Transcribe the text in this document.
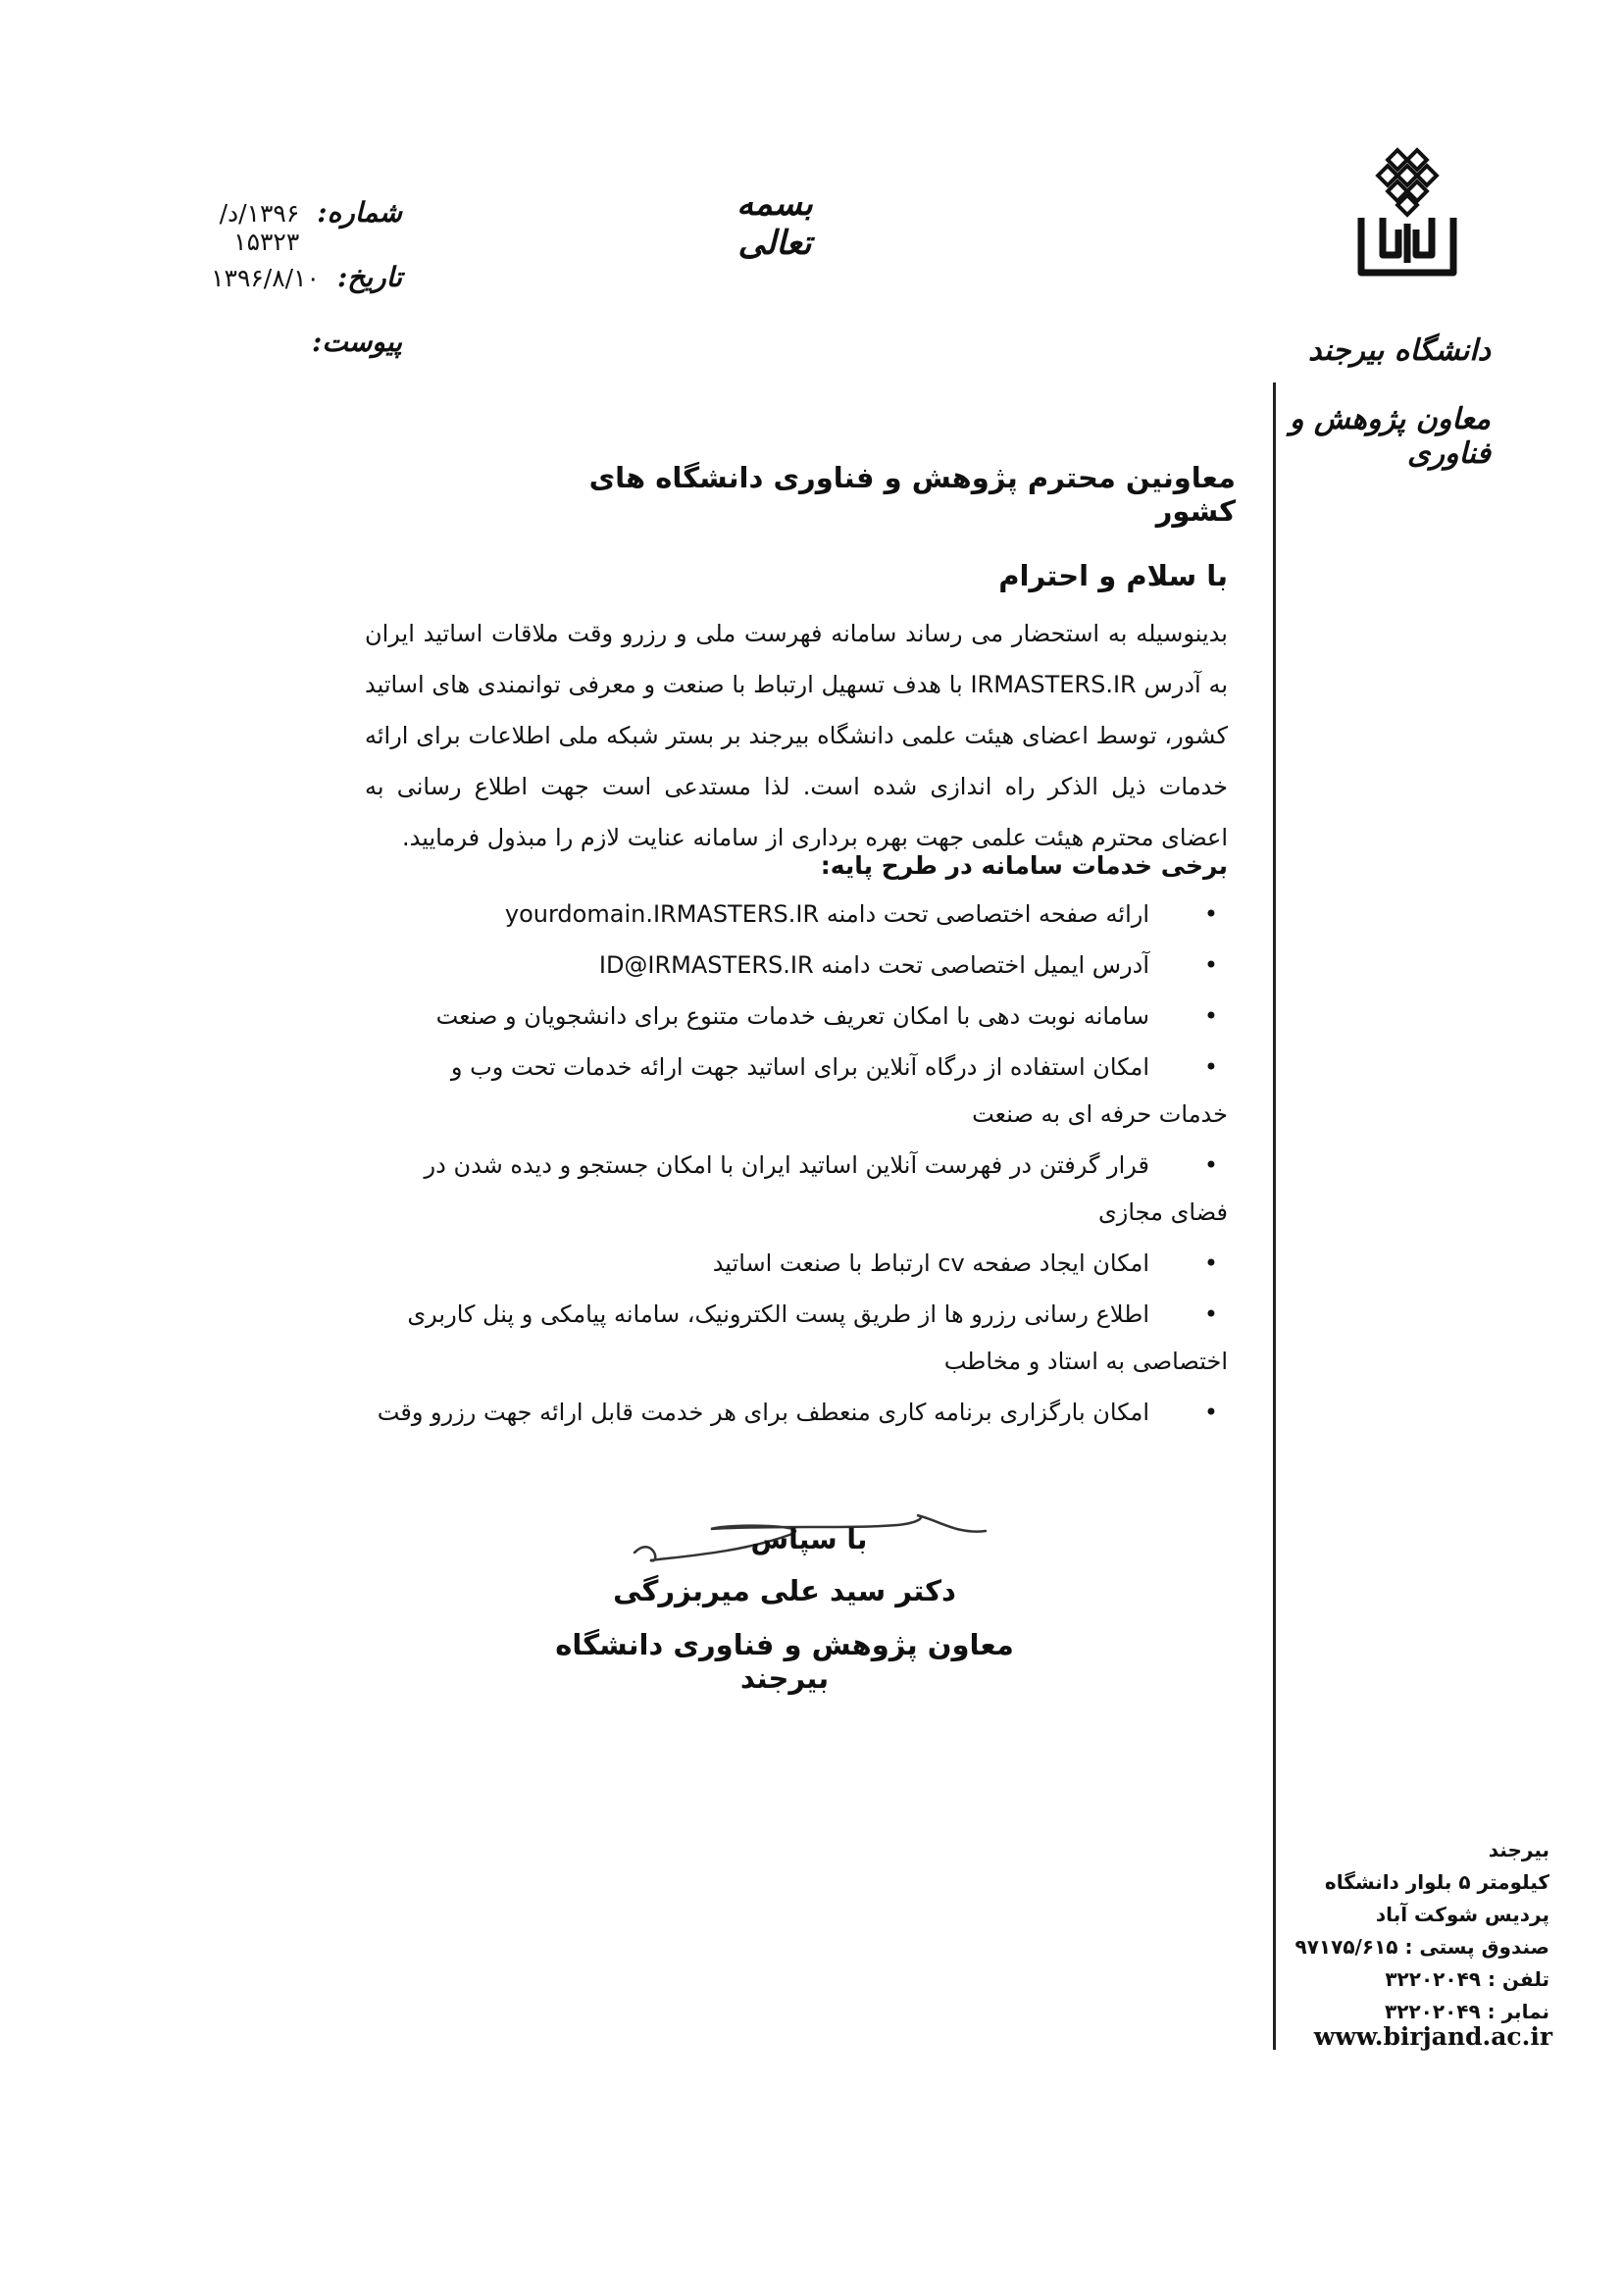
شماره:
۱۳۹۶/د/۱۵۳۲۳
تاریخ:
۱۳۹۶/۸/۱۰
پیوست:
بسمه تعالی
دانشگاه بیرجند
معاون پژوهش و فناوری
معاونین محترم پژوهش و فناوری دانشگاه های کشور
با سلام و احترام
بدینوسیله به استحضار می رساند سامانه فهرست ملی و رزرو وقت ملاقات اساتید ایران به آدرس IRMASTERS.IR با هدف تسهیل ارتباط با صنعت و معرفی توانمندی های اساتید کشور، توسط اعضای هیئت علمی دانشگاه بیرجند بر بستر شبکه ملی اطلاعات برای ارائه خدمات ذیل الذکر راه اندازی شده است. لذا مستدعی است جهت اطلاع رسانی به اعضای محترم هیئت علمی جهت بهره برداری از سامانه عنایت لازم را مبذول فرمایید.
برخی خدمات سامانه در طرح پایه:
•
ارائه صفحه اختصاصی تحت دامنه yourdomain.IRMASTERS.IR
•
آدرس ایمیل اختصاصی تحت دامنه ID@IRMASTERS.IR
•
سامانه نوبت دهی با امکان تعریف خدمات متنوع برای دانشجویان و صنعت
•
امکان استفاده از درگاه آنلاین برای اساتید جهت ارائه خدمات تحت وب و
خدمات حرفه ای به صنعت
•
قرار گرفتن در فهرست آنلاین اساتید ایران با امکان جستجو و دیده شدن در
فضای مجازی
•
امکان ایجاد صفحه cv ارتباط با صنعت اساتید
•
اطلاع رسانی رزرو ها از طریق پست الکترونیک، سامانه پیامکی و پنل کاربری
اختصاصی به استاد و مخاطب
•
امکان بارگزاری برنامه کاری منعطف برای هر خدمت قابل ارائه جهت رزرو وقت
با سپاس
دکتر سید علی میربزرگی
معاون پژوهش و فناوری دانشگاه بیرجند
بیرجند
کیلومتر ۵ بلوار دانشگاه
پردیس شوکت آباد
صندوق پستی : ۹۷۱۷۵/۶۱۵
تلفن : ۳۲۲۰۲۰۴۹
نمابر : ۳۲۲۰۲۰۴۹
www.birjand.ac.ir
